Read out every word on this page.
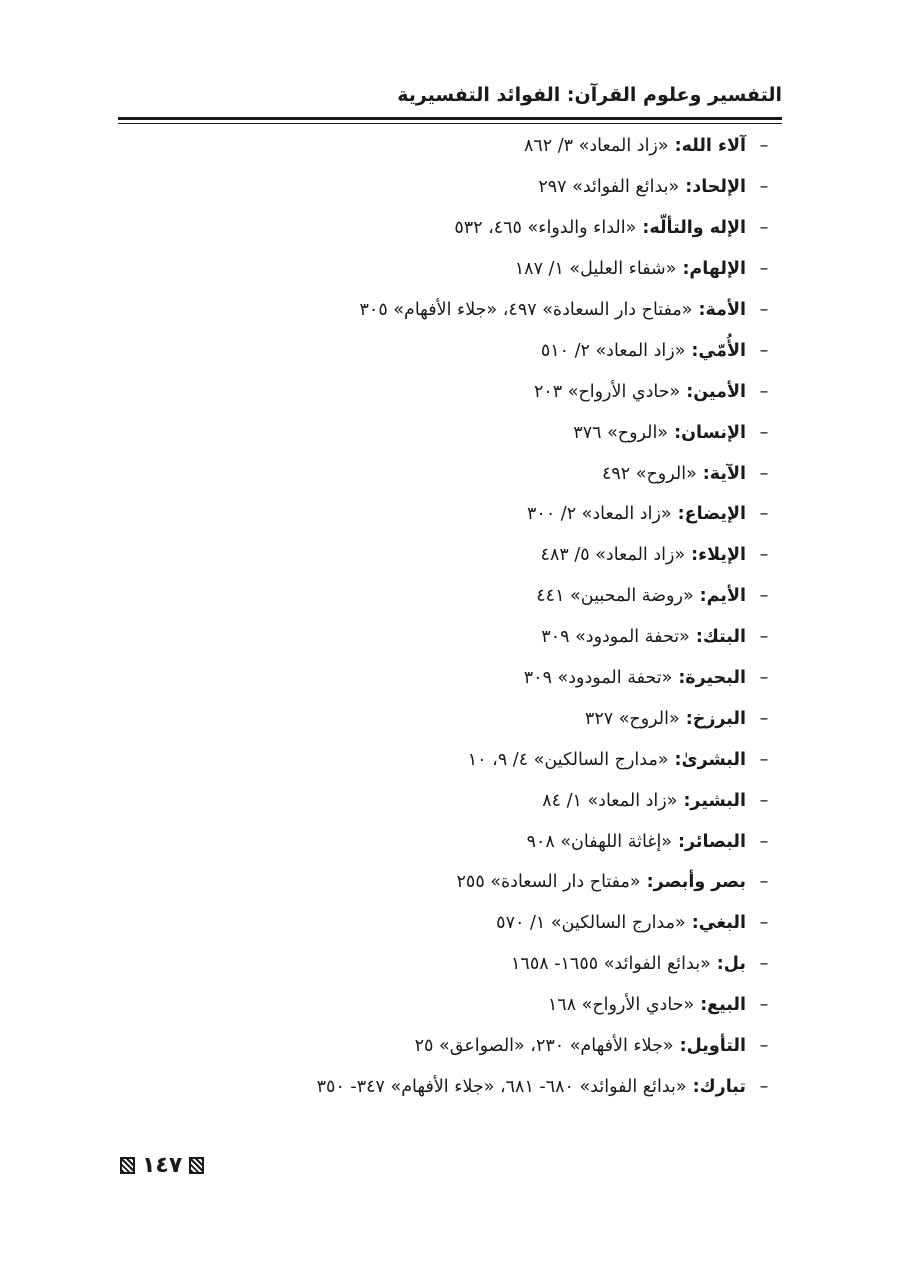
التفسير وعلوم القرآن: الفوائد التفسيرية
–
آلاء الله:
«زاد المعاد» ٣/ ٨٦٢
–
الإلحاد:
«بدائع الفوائد» ٢٩٧
–
الإله والتألّه:
«الداء والدواء» ٤٦٥، ٥٣٢
–
الإلهام:
«شفاء العليل» ١/ ١٨٧
–
الأمة:
«مفتاح دار السعادة» ٤٩٧، «جلاء الأفهام» ٣٠٥
–
الأُمّي:
«زاد المعاد» ٢/ ٥١٠
–
الأمين:
«حادي الأرواح» ٢٠٣
–
الإنسان:
«الروح» ٣٧٦
–
الآية:
«الروح» ٤٩٢
–
الإيضاع:
«زاد المعاد» ٢/ ٣٠٠
–
الإيلاء:
«زاد المعاد» ٥/ ٤٨٣
–
الأيم:
«روضة المحبين» ٤٤١
–
البتك:
«تحفة المودود» ٣٠٩
–
البحيرة:
«تحفة المودود» ٣٠٩
–
البرزخ:
«الروح» ٣٢٧
–
البشرىٰ:
«مدارج السالكين» ٤/ ٩، ١٠
–
البشير:
«زاد المعاد» ١/ ٨٤
–
البصائر:
«إغاثة اللهفان» ٩٠٨
–
بصر وأبصر:
«مفتاح دار السعادة» ٢٥٥
–
البغي:
«مدارج السالكين» ١/ ٥٧٠
–
بل:
«بدائع الفوائد» ١٦٥٥- ١٦٥٨
–
البيع:
«حادي الأرواح» ١٦٨
–
التأويل:
«جلاء الأفهام» ٢٣٠، «الصواعق» ٢٥
–
تبارك:
«بدائع الفوائد» ٦٨٠- ٦٨١، «جلاء الأفهام» ٣٤٧- ٣٥٠
١٤٧
